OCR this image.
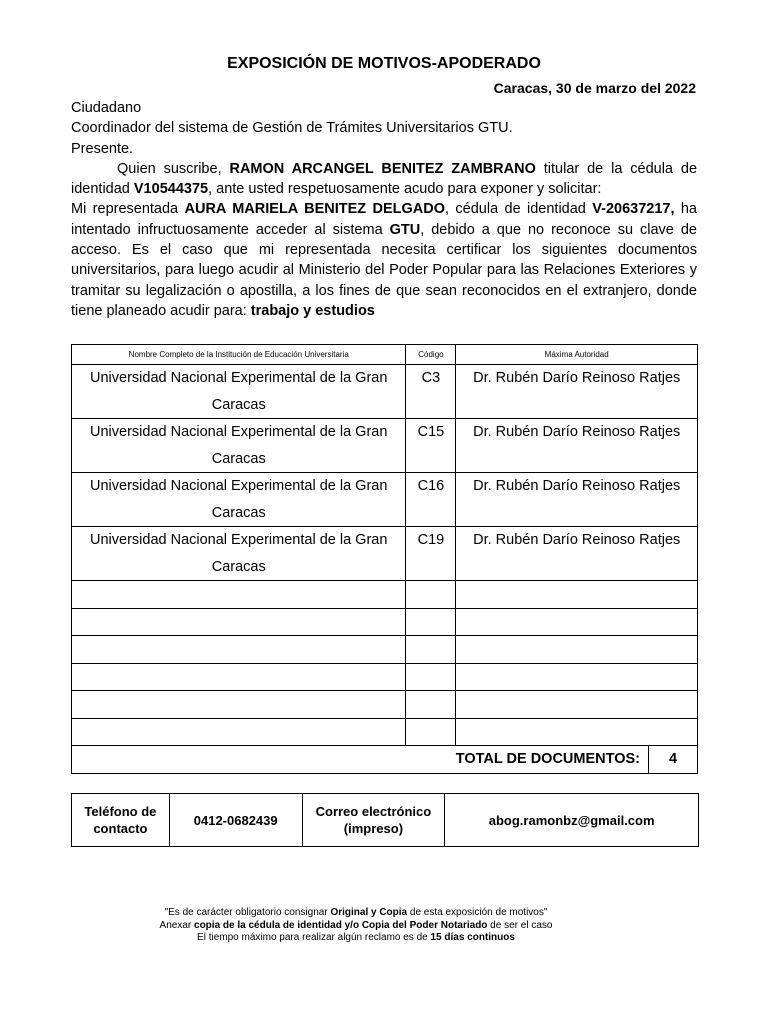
EXPOSICIÓN DE MOTIVOS-APODERADO
Caracas, 30 de marzo del 2022

Ciudadano

Coordinador del sistema de Gestión de Trámites Universitarios GTU.

Presente.

Quien suscribe, RAMON ARCANGEL BENITEZ ZAMBRANO titular de la cédula de identidad V10544375, ante usted respetuosamente acudo para exponer y solicitar:

Mi representada AURA MARIELA BENITEZ DELGADO, cédula de identidad V-20637217, ha intentado infructuosamente acceder al sistema GTU, debido a que no reconoce su clave de acceso. Es el caso que mi representada necesita certificar los siguientes documentos universitarios, para luego acudir al Ministerio del Poder Popular para las Relaciones Exteriores y tramitar su legalización o apostilla, a los fines de que sean reconocidos en el extranjero, donde tiene planeado acudir para: trabajo y estudios

Nombre Completo de la Institución de Educación Universitaria	Código	Máxima Autoridad
Universidad Nacional Experimental de la Gran Caracas	C3	Dr. Rubén Darío Reinoso Ratjes
Universidad Nacional Experimental de la Gran Caracas	C15	Dr. Rubén Darío Reinoso Ratjes
Universidad Nacional Experimental de la Gran Caracas	C16	Dr. Rubén Darío Reinoso Ratjes
Universidad Nacional Experimental de la Gran Caracas	C19	Dr. Rubén Darío Reinoso Ratjes

TOTAL DE DOCUMENTOS:	4
Teléfono de contacto	0412-0682439	Correo electrónico (impreso)	abog.ramonbz@gmail.com
"Es de carácter obligatorio consignar Original y Copia de esta exposición de motivos"
Anexar copia de la cédula de identidad y/o Copia del Poder Notariado de ser el caso
El tiempo máximo para realizar algún reclamo es de 15 días continuos
